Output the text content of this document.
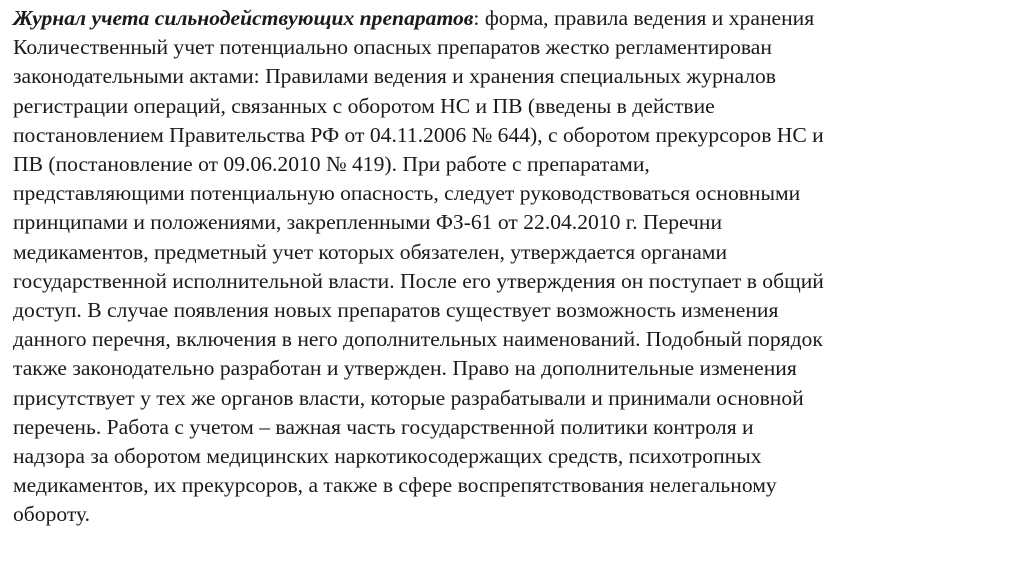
Журнал учета сильнодействующих препаратов: форма, правила ведения и хранения
Количественный учет потенциально опасных препаратов жестко регламентирован
законодательными актами: Правилами ведения и хранения специальных журналов
регистрации операций, связанных с оборотом НС и ПВ (введены в действие
постановлением Правительства РФ от 04.11.2006 № 644), с оборотом прекурсоров НС и
ПВ (постановление от 09.06.2010 № 419). При работе с препаратами,
представляющими потенциальную опасность, следует руководствоваться основными
принципами и положениями, закрепленными ФЗ-61 от 22.04.2010 г. Перечни
медикаментов, предметный учет которых обязателен, утверждается органами
государственной исполнительной власти. После его утверждения он поступает в общий
доступ. В случае появления новых препаратов существует возможность изменения
данного перечня, включения в него дополнительных наименований. Подобный порядок
также законодательно разработан и утвержден. Право на дополнительные изменения
присутствует у тех же органов власти, которые разрабатывали и принимали основной
перечень. Работа с учетом – важная часть государственной политики контроля и
надзора за оборотом медицинских наркотикосодержащих средств, психотропных
медикаментов, их прекурсоров, а также в сфере воспрепятствования нелегальному
обороту.
